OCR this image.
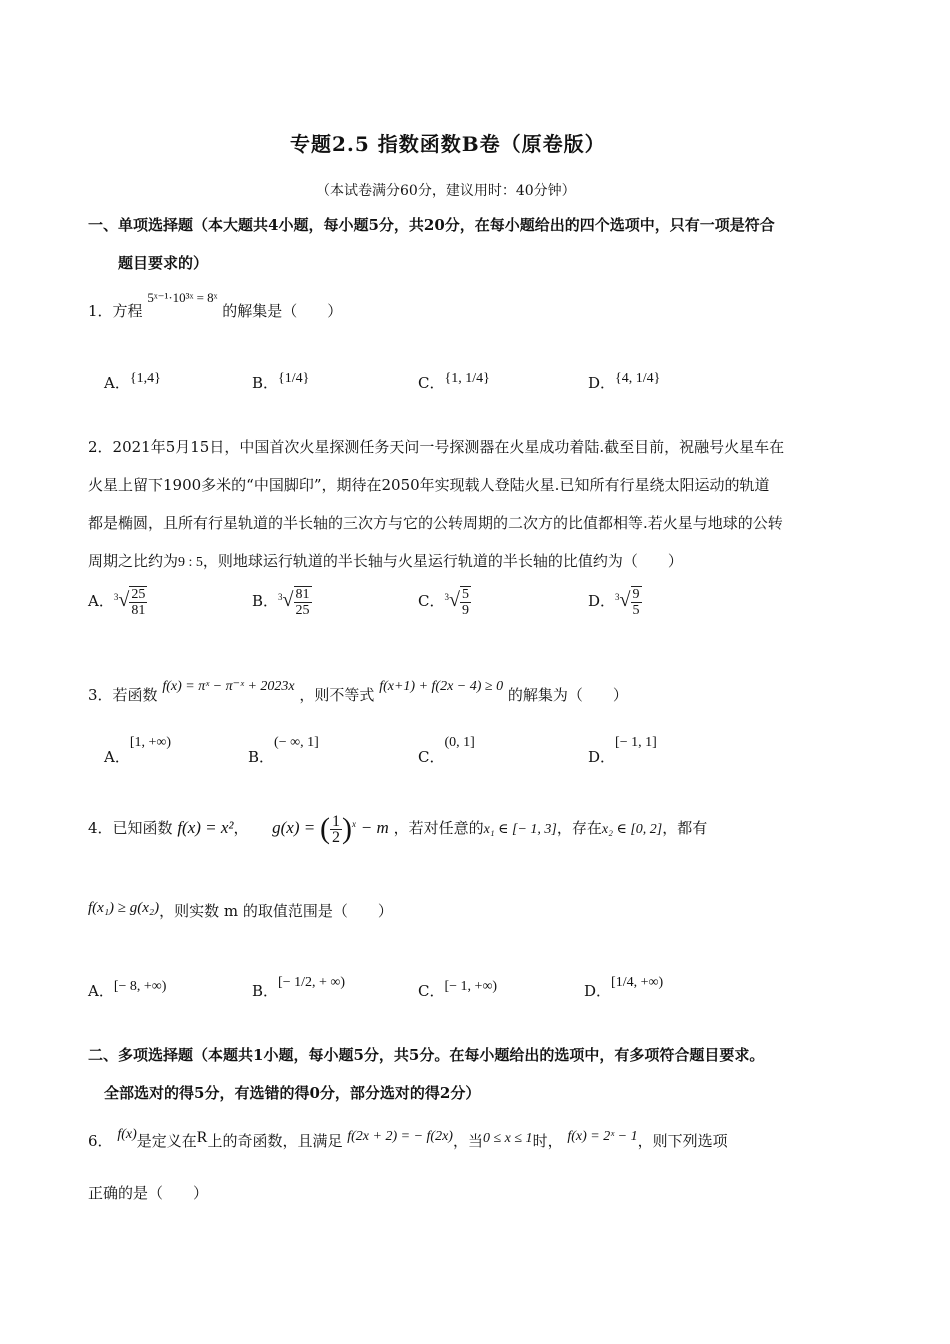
专题2.5 指数函数B卷（原卷版）
（本试卷满分60分，建议用时：40分钟）
一、单项选择题（本大题共4小题，每小题5分，共20分，在每小题给出的四个选项中，只有一项是符合
题目要求的）
1．方程 5ˣ⁻¹·10³ˣ = 8ˣ 的解集是（　　）
A．{1,4}	B．{1/4}	C．{1, 1/4}	D．{4, 1/4}
2．2021年5月15日，中国首次火星探测任务天问一号探测器在火星成功着陆.截至目前，祝融号火星车在
火星上留下1900多米的“中国脚印”，期待在2050年实现载人登陆火星.已知所有行星绕太阳运动的轨道
都是椭圆，且所有行星轨道的半长轴的三次方与它的公转周期的二次方的比值都相等.若火星与地球的公转
周期之比约为9 : 5，则地球运行轨道的半长轴与火星运行轨道的半长轴的比值约为（　　）
A．$^3√ \frac{25}{81}$	B．$^3√ \frac{81}{25}$	C．$^3√ \frac{5}{9}$	D．$^3√ \frac{9}{5}$
3．若函数 f(x) = πˣ − π⁻ˣ + 2023x ，则不等式 f(x+1) + f(2x − 4) ≥ 0 的解集为（　　）
A．[1, +∞)
B．(− ∞, 1]
C．(0, 1]
D．[− 1, 1]
4．已知函数 f(x) = x²， g(x) = ( $\frac{1}{2} )^x - m$ ，若对任意的x₁ ∈ [− 1, 3]，存在x₂ ∈ [0, 2]，都有
f(x₁) ≥ g(x₂)，则实数 m 的取值范围是（　　）
A．[− 8, +∞)	B．[− 1/2, + ∞)	C．[− 1, +∞)	D．[1/4, +∞)
二、多项选择题（本题共1小题，每小题5分，共5分。在每小题给出的选项中，有多项符合题目要求。
全部选对的得5分，有选错的得0分，部分选对的得2分）
6． f(x)是定义在R上的奇函数，且满足 f(2x + 2) = − f(2x)，当0 ≤ x ≤ 1时， f(x) = 2ˣ − 1，则下列选项
正确的是（　　）
